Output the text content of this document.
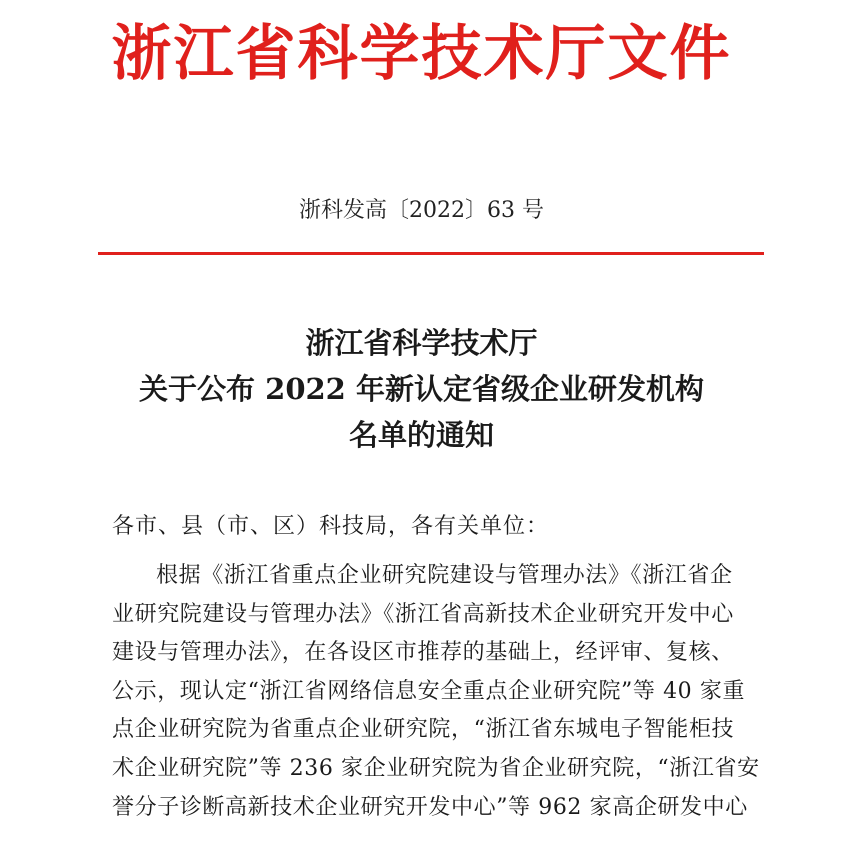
浙江省科学技术厅文件
浙科发高〔2022〕63 号
浙江省科学技术厅
关于公布 2022 年新认定省级企业研发机构
名单的通知
各市、县（市、区）科技局，各有关单位：
根据《浙江省重点企业研究院建设与管理办法》《浙江省企
业研究院建设与管理办法》《浙江省高新技术企业研究开发中心
建设与管理办法》，在各设区市推荐的基础上，经评审、复核、
公示，现认定“浙江省网络信息安全重点企业研究院”等 40 家重
点企业研究院为省重点企业研究院，“浙江省东城电子智能柜技
术企业研究院”等 236 家企业研究院为省企业研究院，“浙江省安
誉分子诊断高新技术企业研究开发中心”等 962 家高企研发中心
